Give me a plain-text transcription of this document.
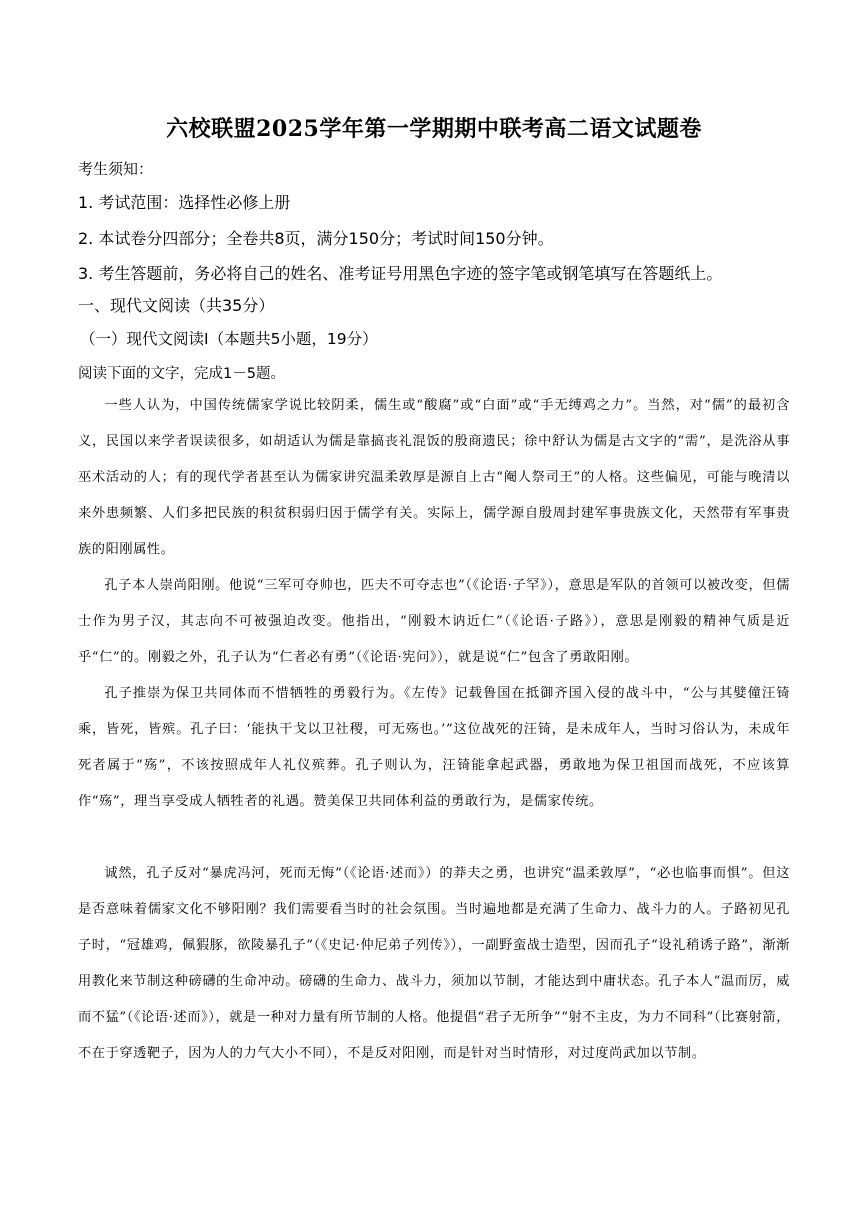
六校联盟2025学年第一学期期中联考高二语文试题卷
考生须知：
1. 考试范围：选择性必修上册
2. 本试卷分四部分；全卷共8页，满分150分；考试时间150分钟。
3. 考生答题前，务必将自己的姓名、准考证号用黑色字迹的签字笔或钢笔填写在答题纸上。
一、现代文阅读（共35分）
（一）现代文阅读I（本题共5小题，19分）
阅读下面的文字，完成1－5题。

一些人认为，中国传统儒家学说比较阴柔，儒生或“酸腐”或“白面”或“手无缚鸡之力”。当然，对“儒”的最初含义，民国以来学者误读很多，如胡适认为儒是靠搞丧礼混饭的殷商遗民；徐中舒认为儒是古文字的“需”，是洗浴从事巫术活动的人；有的现代学者甚至认为儒家讲究温柔敦厚是源自上古“阉人祭司王”的人格。这些偏见，可能与晚清以来外患频繁、人们多把民族的积贫积弱归因于儒学有关。实际上，儒学源自殷周封建军事贵族文化，天然带有军事贵族的阳刚属性。

孔子本人崇尚阳刚。他说“三军可夺帅也，匹夫不可夺志也”（《论语·子罕》），意思是军队的首领可以被改变，但儒士作为男子汉，其志向不可被强迫改变。他指出，“刚毅木讷近仁”（《论语·子路》），意思是刚毅的精神气质是近乎“仁”的。刚毅之外，孔子认为“仁者必有勇”（《论语·宪问》），就是说“仁”包含了勇敢阳刚。

孔子推崇为保卫共同体而不惜牺牲的勇毅行为。《左传》记载鲁国在抵御齐国入侵的战斗中，“公与其嬖僮汪锜乘，皆死，皆殡。孔子曰：‘能执干戈以卫社稷，可无殇也。’”这位战死的汪锜，是未成年人，当时习俗认为，未成年死者属于“殇”，不该按照成年人礼仪殡葬。孔子则认为，汪锜能拿起武器，勇敢地为保卫祖国而战死，不应该算作“殇”，理当享受成人牺牲者的礼遇。赞美保卫共同体利益的勇敢行为，是儒家传统。

诚然，孔子反对“暴虎冯河，死而无悔”（《论语·述而》）的莽夫之勇，也讲究“温柔敦厚”，“必也临事而惧”。但这是否意味着儒家文化不够阳刚？我们需要看当时的社会氛围。当时遍地都是充满了生命力、战斗力的人。子路初见孔子时，“冠雄鸡，佩猳豚，欲陵暴孔子”（《史记·仲尼弟子列传》），一副野蛮战士造型，因而孔子“设礼稍诱子路”，渐渐用教化来节制这种磅礴的生命冲动。磅礴的生命力、战斗力，须加以节制，才能达到中庸状态。孔子本人“温而厉，威而不猛”（《论语·述而》），就是一种对力量有所节制的人格。他提倡“君子无所争”“射不主皮，为力不同科”（比赛射箭，不在于穿透靶子，因为人的力气大小不同），不是反对阳刚，而是针对当时情形，对过度尚武加以节制。
